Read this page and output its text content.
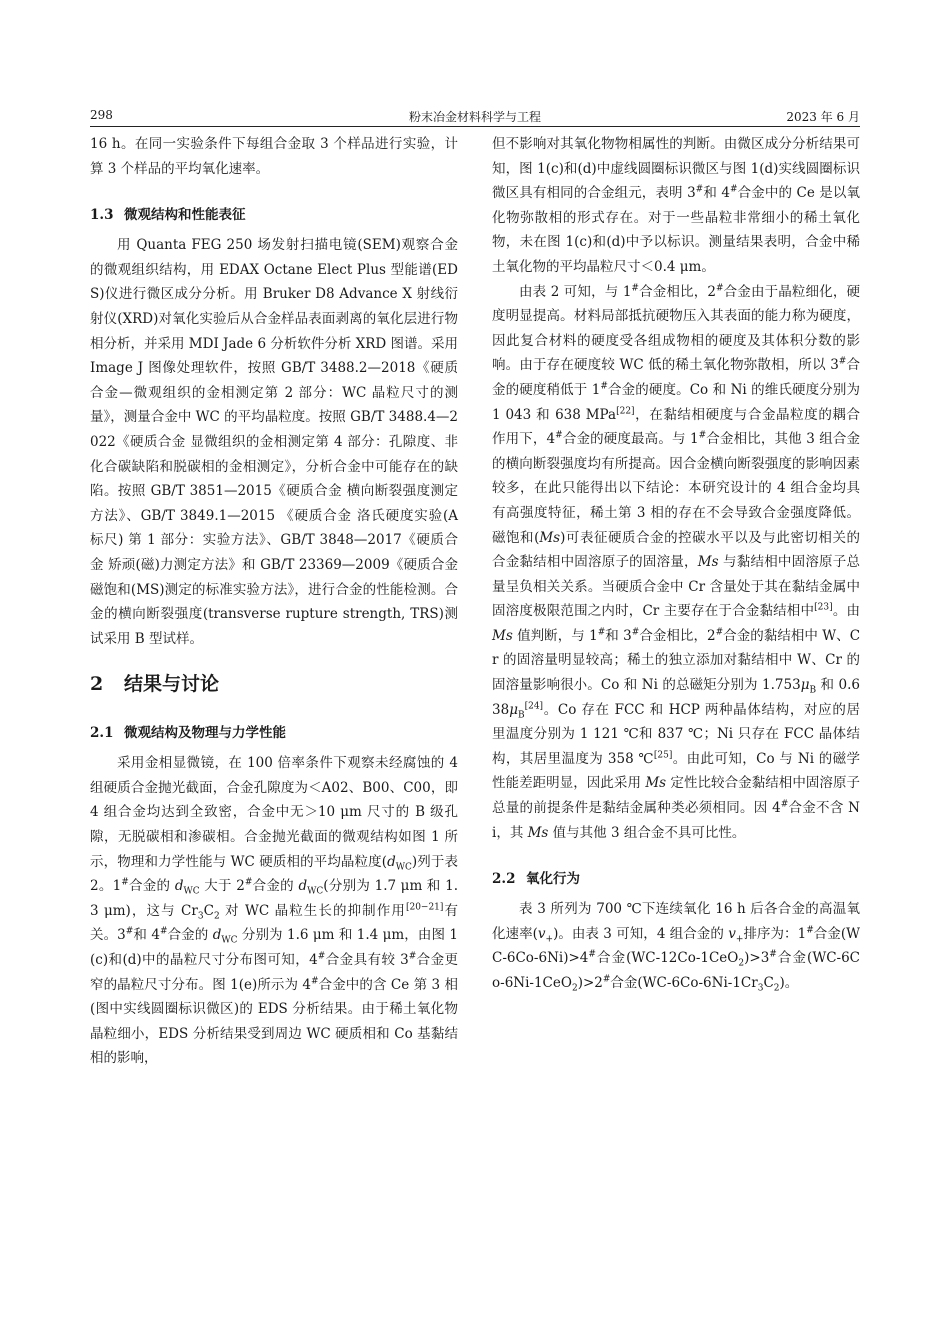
298	粉末冶金材料科学与工程	2023 年 6 月

16 h。在同一实验条件下每组合金取 3 个样品进行实验，计算 3 个样品的平均氧化速率。

1.3 微观结构和性能表征

用 Quanta FEG 250 场发射扫描电镜(SEM)观察合金的微观组织结构，用 EDAX Octane Elect Plus 型能谱(EDS)仪进行微区成分分析。用 Bruker D8 Advance X 射线衍射仪(XRD)对氧化实验后从合金样品表面剥离的氧化层进行物相分析，并采用 MDI Jade 6 分析软件分析 XRD 图谱。采用 Image J 图像处理软件，按照 GB/T 3488.2—2018《硬质合金—微观组织的金相测定第 2 部分：WC 晶粒尺寸的测量》，测量合金中 WC 的平均晶粒度。按照 GB/T 3488.4—2022《硬质合金 显微组织的金相测定第 4 部分：孔隙度、非化合碳缺陷和脱碳相的金相测定》，分析合金中可能存在的缺陷。按照 GB/T 3851—2015《硬质合金 横向断裂强度测定方法》、GB/T 3849.1—2015 《硬质合金 洛氏硬度实验(A 标尺) 第 1 部分：实验方法》、GB/T 3848—2017《硬质合金 矫顽(磁)力测定方法》和 GB/T 23369—2009《硬质合金磁饱和(MS)测定的标准实验方法》，进行合金的性能检测。合金的横向断裂强度(transverse rupture strength, TRS)测试采用 B 型试样。

2 结果与讨论
2.1 微观结构及物理与力学性能

采用金相显微镜，在 100 倍率条件下观察未经腐蚀的 4 组硬质合金抛光截面，合金孔隙度为＜A02、B00、C00，即 4 组合金均达到全致密，合金中无＞10 μm 尺寸的 B 级孔隙，无脱碳相和渗碳相。合金抛光截面的微观结构如图 1 所示，物理和力学性能与 WC 硬质相的平均晶粒度$(d_{WC})$列于表 2。1#合金的 $d_{WC}$ 大于 2#合金的 $d_{WC}$(分别为 1.7 μm 和 1.3 μm)，这与 $Cr_3C_2$ 对 WC 晶粒生长的抑制作用[20−21]有关。3#和 4#合金的 $d_{WC}$ 分别为 1.6 μm 和 1.4 μm，由图 1(c)和(d)中的晶粒尺寸分布图可知，4#合金具有较 3#合金更窄的晶粒尺寸分布。图 1(e)所示为 4#合金中的含 Ce 第 3 相(图中实线圆圈标识微区)的 EDS 分析结果。由于稀土氧化物晶粒细小，EDS 分析结果受到周边 WC 硬质相和 Co 基黏结相的影响，

但不影响对其氧化物物相属性的判断。由微区成分分析结果可知，图 1(c)和(d)中虚线圆圈标识微区与图 1(d)实线圆圈标识微区具有相同的合金组元，表明 3#和 4#合金中的 Ce 是以氧化物弥散相的形式存在。对于一些晶粒非常细小的稀土氧化物，未在图 1(c)和(d)中予以标识。测量结果表明，合金中稀土氧化物的平均晶粒尺寸＜0.4 μm。

由表 2 可知，与 1#合金相比，2#合金由于晶粒细化，硬度明显提高。材料局部抵抗硬物压入其表面的能力称为硬度，因此复合材料的硬度受各组成物相的硬度及其体积分数的影响。由于存在硬度较 WC 低的稀土氧化物弥散相，所以 3#合金的硬度稍低于 1#合金的硬度。Co 和 Ni 的维氏硬度分别为 1 043 和 638 MPa[22]，在黏结相硬度与合金晶粒度的耦合作用下，4#合金的硬度最高。与 1#合金相比，其他 3 组合金的横向断裂强度均有所提高。因合金横向断裂强度的影响因素较多，在此只能得出以下结论：本研究设计的 4 组合金均具有高强度特征，稀土第 3 相的存在不会导致合金强度降低。磁饱和(Ms)可表征硬质合金的控碳水平以及与此密切相关的合金黏结相中固溶原子的固溶量，Ms 与黏结相中固溶原子总量呈负相关关系。当硬质合金中 Cr 含量处于其在黏结金属中固溶度极限范围之内时，Cr 主要存在于合金黏结相中[23]。由 Ms 值判断，与 1#和 3#合金相比，2#合金的黏结相中 W、Cr 的固溶量明显较高；稀土的独立添加对黏结相中 W、Cr 的固溶量影响很小。Co 和 Ni 的总磁矩分别为 $1.753\mu_B$ 和 $0.638\mu_B[24]$。Co 存在 FCC 和 HCP 两种晶体结构，对应的居里温度分别为 1 121 ℃和 837 ℃；Ni 只存在 FCC 晶体结构，其居里温度为 358 ℃[25]。由此可知，Co 与 Ni 的磁学性能差距明显，因此采用 Ms 定性比较合金黏结相中固溶原子总量的前提条件是黏结金属种类必须相同。因 4#合金不含 Ni，其 Ms 值与其他 3 组合金不具可比性。

2.2 氧化行为

表 3 所列为 700 ℃下连续氧化 16 h 后各合金的高温氧化速率$(v_+)$。由表 3 可知，4 组合金的 $v_+$排序为：1#合金(WC-6Co-6Ni)>4#合金(WC-12Co-1CeO$_2$)>3#合金(WC-6Co-6Ni-1CeO$_2$)>2#合金$(WC-6Co-6Ni-1Cr_3C_2)$。
